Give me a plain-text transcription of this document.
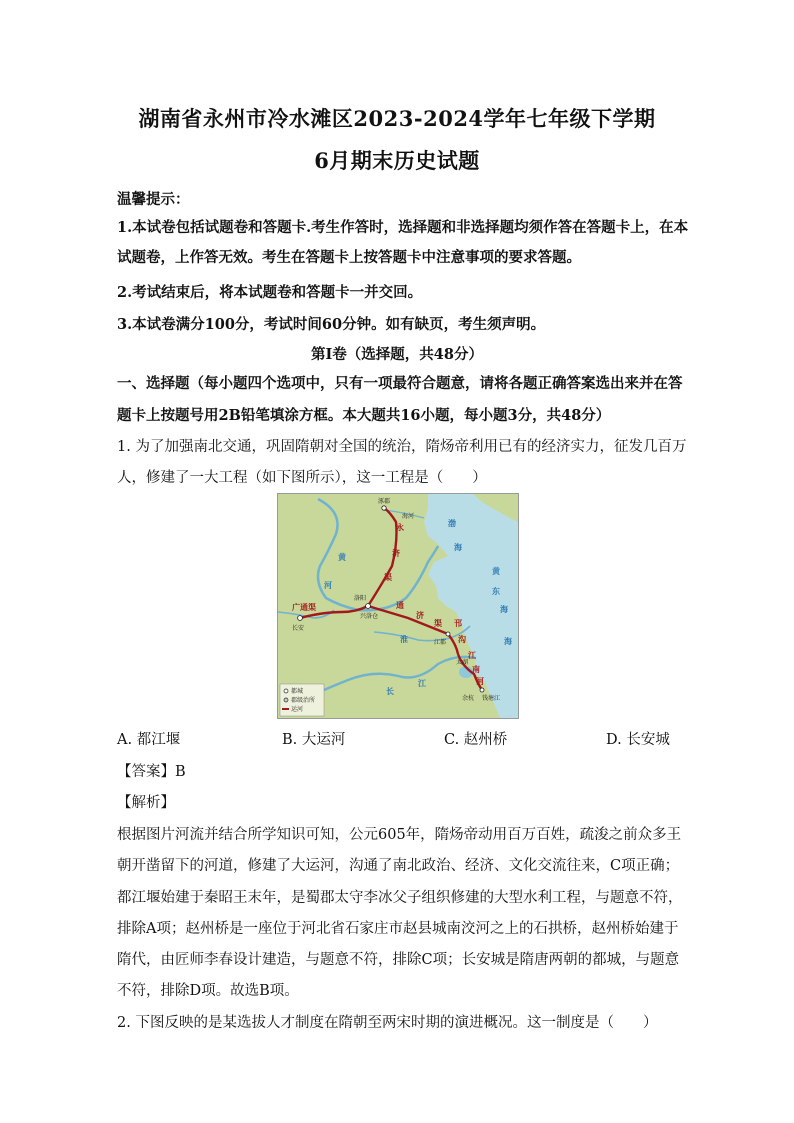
湖南省永州市冷水滩区2023-2024学年七年级下学期
6月期末历史试题
温馨提示：
1.本试卷包括试题卷和答题卡.考生作答时，选择题和非选择题均须作答在答题卡上，在本
试题卷，上作答无效。考生在答题卡上按答题卡中注意事项的要求答题。
2.考试结束后，将本试题卷和答题卡一并交回。
3.本试卷满分100分，考试时间60分钟。如有缺页，考生须声明。
第Ⅰ卷（选择题，共48分）
一、选择题（每小题四个选项中，只有一项最符合题意，请将各题正确答案选出来并在答
题卡上按题号用2B铅笔填涂方框。本大题共16小题，每小题3分，共48分）
1. 为了加强南北交通，巩固隋朝对全国的统治，隋炀帝利用已有的经济实力，征发几百万
人，修建了一大工程（如下图所示），这一工程是（　　）
涿郡
海河
渤
海
黄
东
海
海
黄
河
永
济
渠
广通渠
长安
洛阳
兴洛仓
通
济
渠
淮	江都
邗
沟
太湖
江
南
河
余杭 钱塘江
长
江
都城
郡级治所
运河
A. 都江堰	B. 大运河	C. 赵州桥	D. 长安城
【答案】B
【解析】
根据图片河流并结合所学知识可知，公元605年，隋炀帝动用百万百姓，疏浚之前众多王
朝开凿留下的河道，修建了大运河，沟通了南北政治、经济、文化交流往来，C项正确；
都江堰始建于秦昭王末年，是蜀郡太守李冰父子组织修建的大型水利工程，与题意不符，
排除A项；赵州桥是一座位于河北省石家庄市赵县城南洨河之上的石拱桥，赵州桥始建于
隋代，由匠师李春设计建造，与题意不符，排除C项；长安城是隋唐两朝的都城，与题意
不符，排除D项。故选B项。
2. 下图反映的是某选拔人才制度在隋朝至两宋时期的演进概况。这一制度是（　　）
